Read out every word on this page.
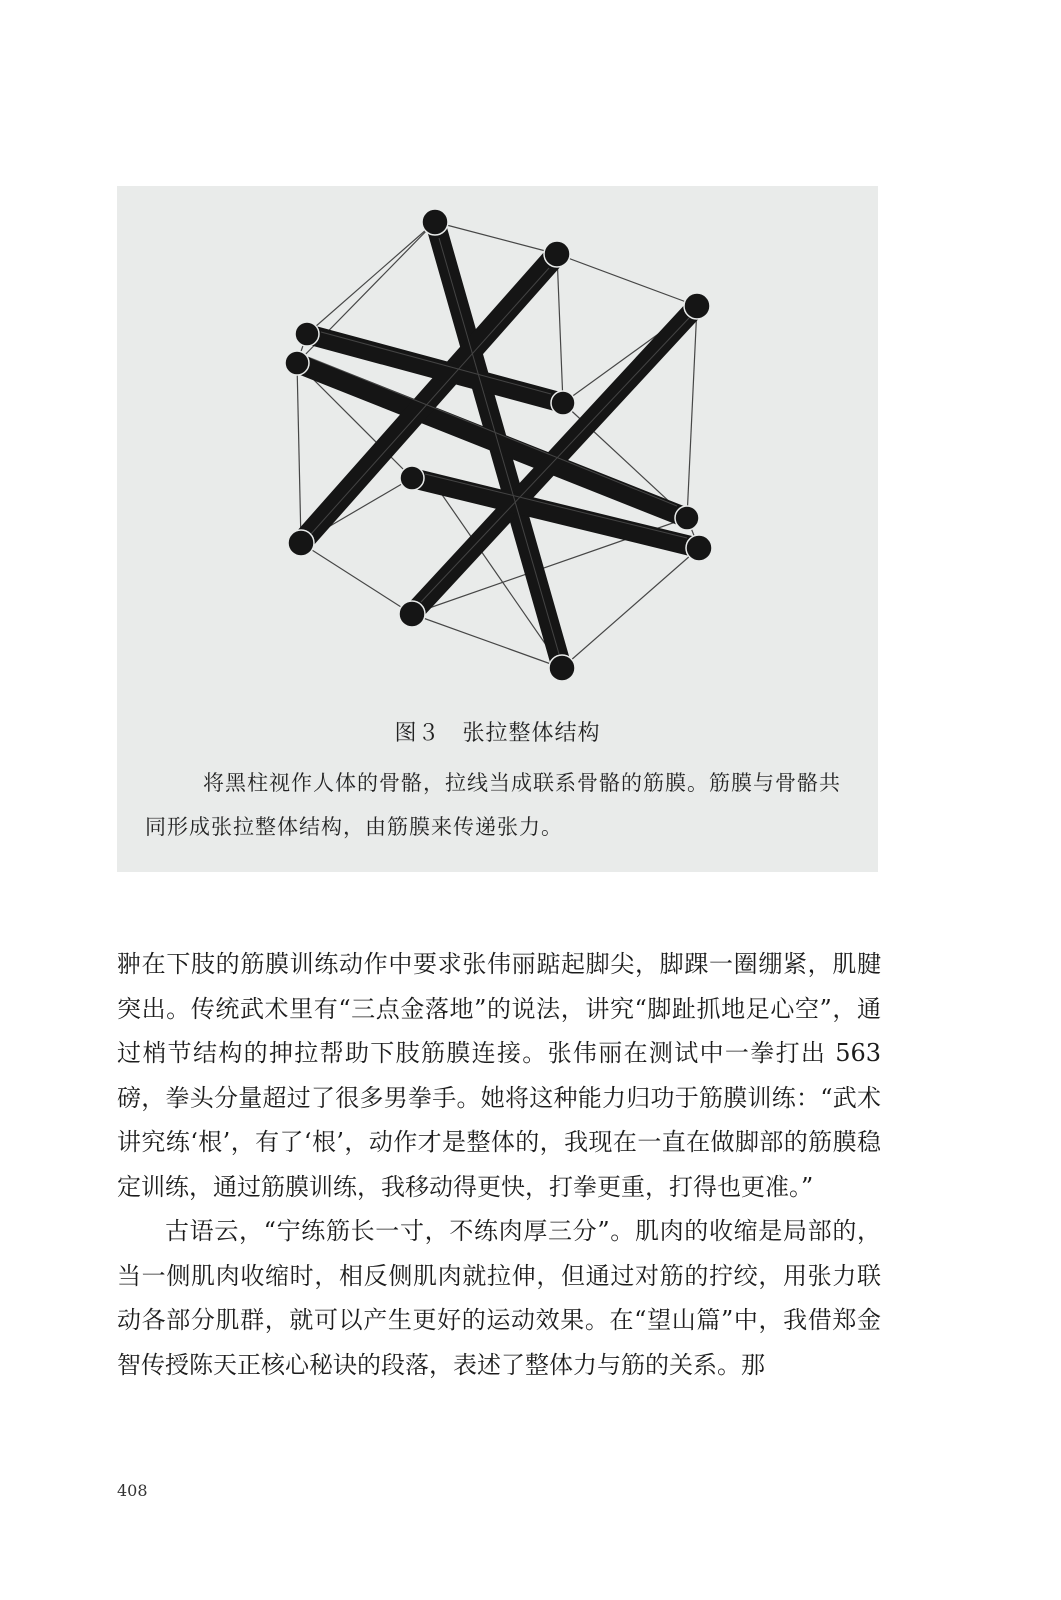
图３ 张拉整体结构
将黑柱视作人体的骨骼，拉线当成联系骨骼的筋膜。筋膜与骨骼共同形成张拉整体结构，由筋膜来传递张力。

翀在下肢的筋膜训练动作中要求张伟丽踮起脚尖，脚踝一圈绷紧，肌腱突出。传统武术里有“三点金落地”的说法，讲究“脚趾抓地足心空”，通过梢节结构的抻拉帮助下肢筋膜连接。张伟丽在测试中一拳打出 563 磅，拳头分量超过了很多男拳手。她将这种能力归功于筋膜训练：“武术讲究练‘根’，有了‘根’，动作才是整体的，我现在一直在做脚部的筋膜稳定训练，通过筋膜训练，我移动得更快，打拳更重，打得也更准。”

古语云，“宁练筋长一寸，不练肉厚三分”。肌肉的收缩是局部的，当一侧肌肉收缩时，相反侧肌肉就拉伸，但通过对筋的拧绞，用张力联动各部分肌群，就可以产生更好的运动效果。在“望山篇”中，我借郑金智传授陈天正核心秘诀的段落，表述了整体力与筋的关系。那

408
